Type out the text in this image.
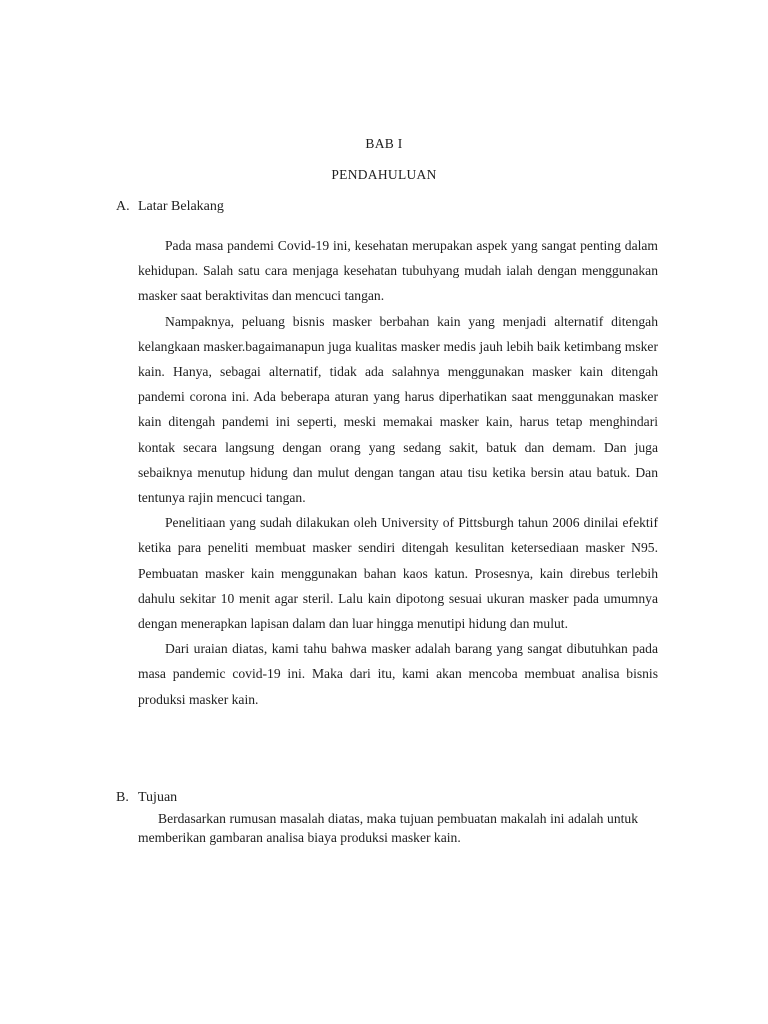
BAB I
PENDAHULUAN
A. Latar Belakang

Pada masa pandemi Covid-19 ini, kesehatan merupakan aspek yang sangat penting dalam kehidupan. Salah satu cara menjaga kesehatan tubuhyang mudah ialah dengan menggunakan masker saat beraktivitas dan mencuci tangan.

Nampaknya, peluang bisnis masker berbahan kain yang menjadi alternatif ditengah kelangkaan masker.bagaimanapun juga kualitas masker medis jauh lebih baik ketimbang msker kain. Hanya, sebagai alternatif, tidak ada salahnya menggunakan masker kain ditengah pandemi corona ini. Ada beberapa aturan yang harus diperhatikan saat menggunakan masker kain ditengah pandemi ini seperti, meski memakai masker kain, harus tetap menghindari kontak secara langsung dengan orang yang sedang sakit, batuk dan demam. Dan juga sebaiknya menutup hidung dan mulut dengan tangan atau tisu ketika bersin atau batuk. Dan tentunya rajin mencuci tangan.

Penelitiaan yang sudah dilakukan oleh University of Pittsburgh tahun 2006 dinilai efektif ketika para peneliti membuat masker sendiri ditengah kesulitan ketersediaan masker N95. Pembuatan masker kain menggunakan bahan kaos katun. Prosesnya, kain direbus terlebih dahulu sekitar 10 menit agar steril. Lalu kain dipotong sesuai ukuran masker pada umumnya dengan menerapkan lapisan dalam dan luar hingga menutipi hidung dan mulut.

Dari uraian diatas, kami tahu bahwa masker adalah barang yang sangat dibutuhkan pada masa pandemic covid-19 ini. Maka dari itu, kami akan mencoba membuat analisa bisnis produksi masker kain.

B. Tujuan

Berdasarkan rumusan masalah diatas, maka tujuan pembuatan makalah ini adalah untuk memberikan gambaran analisa biaya produksi masker kain.
